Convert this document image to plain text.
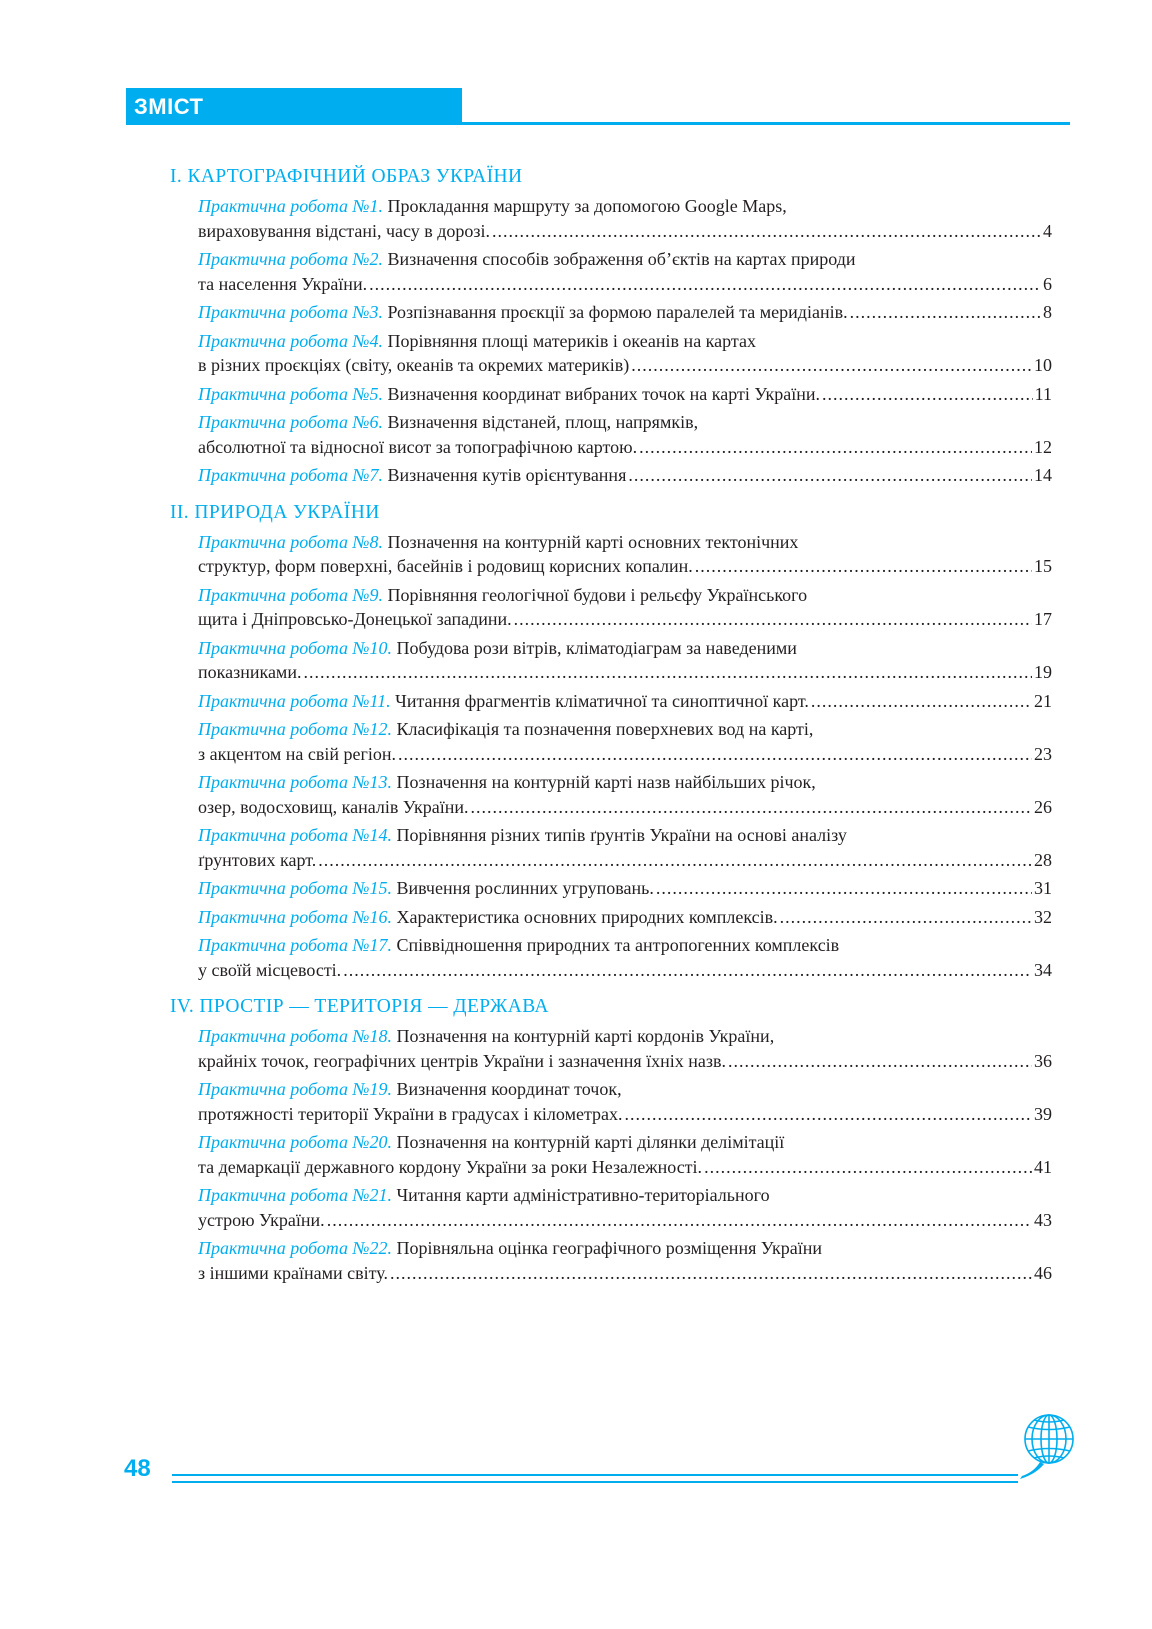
ЗМІСТ
І. КАРТОГРАФІЧНИЙ ОБРАЗ УКРАЇНИ
Практична робота №1. Прокладання маршруту за допомогою Google Maps,
вираховування відстані, часу в дорозі. .....	4
Практична робота №2. Визначення способів зображення об’єктів на картах природи
та населення України. .....	6
Практична робота №3. Розпізнавання проєкції за формою паралелей та меридіанів. .....	8
Практична робота №4. Порівняння площі материків і океанів на картах
в різних проєкціях (світу, океанів та окремих материків) .....	10
Практична робота №5. Визначення координат вибраних точок на карті України. .....	11
Практична робота №6. Визначення відстаней, площ, напрямків,
абсолютної та відносної висот за топографічною картою. .....	12
Практична робота №7. Визначення кутів орієнтування .....	14
ІІ. ПРИРОДА УКРАЇНИ
Практична робота №8. Позначення на контурній карті основних тектонічних
структур, форм поверхні, басейнів і родовищ корисних копалин. .....	15
Практична робота №9. Порівняння геологічної будови і рельєфу Українського
щита і Дніпровсько-Донецької западини. .....	17
Практична робота №10. Побудова рози вітрів, кліматодіаграм за наведеними
показниками. .....	19
Практична робота №11. Читання фрагментів кліматичної та синоптичної карт. .....	21
Практична робота №12. Класифікація та позначення поверхневих вод на карті,
з акцентом на свій регіон. .....	23
Практична робота №13. Позначення на контурній карті назв найбільших річок,
озер, водосховищ, каналів України. .....	26
Практична робота №14. Порівняння різних типів ґрунтів України на основі аналізу
ґрунтових карт. .....	28
Практична робота №15. Вивчення рослинних угруповань. .....	31
Практична робота №16. Характеристика основних природних комплексів. .....	32
Практична робота №17. Співвідношення природних та антропогенних комплексів
у своїй місцевості. .....	34
ІV. ПРОСТІР — ТЕРИТОРІЯ — ДЕРЖАВА
Практична робота №18. Позначення на контурній карті кордонів України,
крайніх точок, географічних центрів України і зазначення їхніх назв. .....	36
Практична робота №19. Визначення координат точок,
протяжності території України в градусах і кілометрах. .....	39
Практична робота №20. Позначення на контурній карті ділянки делімітації
та демаркації державного кордону України за роки Незалежності. .....	41
Практична робота №21. Читання карти адміністративно-територіального
устрою України. .....	43
Практична робота №22. Порівняльна оцінка географічного розміщення України
з іншими країнами світу. .....	46
48
